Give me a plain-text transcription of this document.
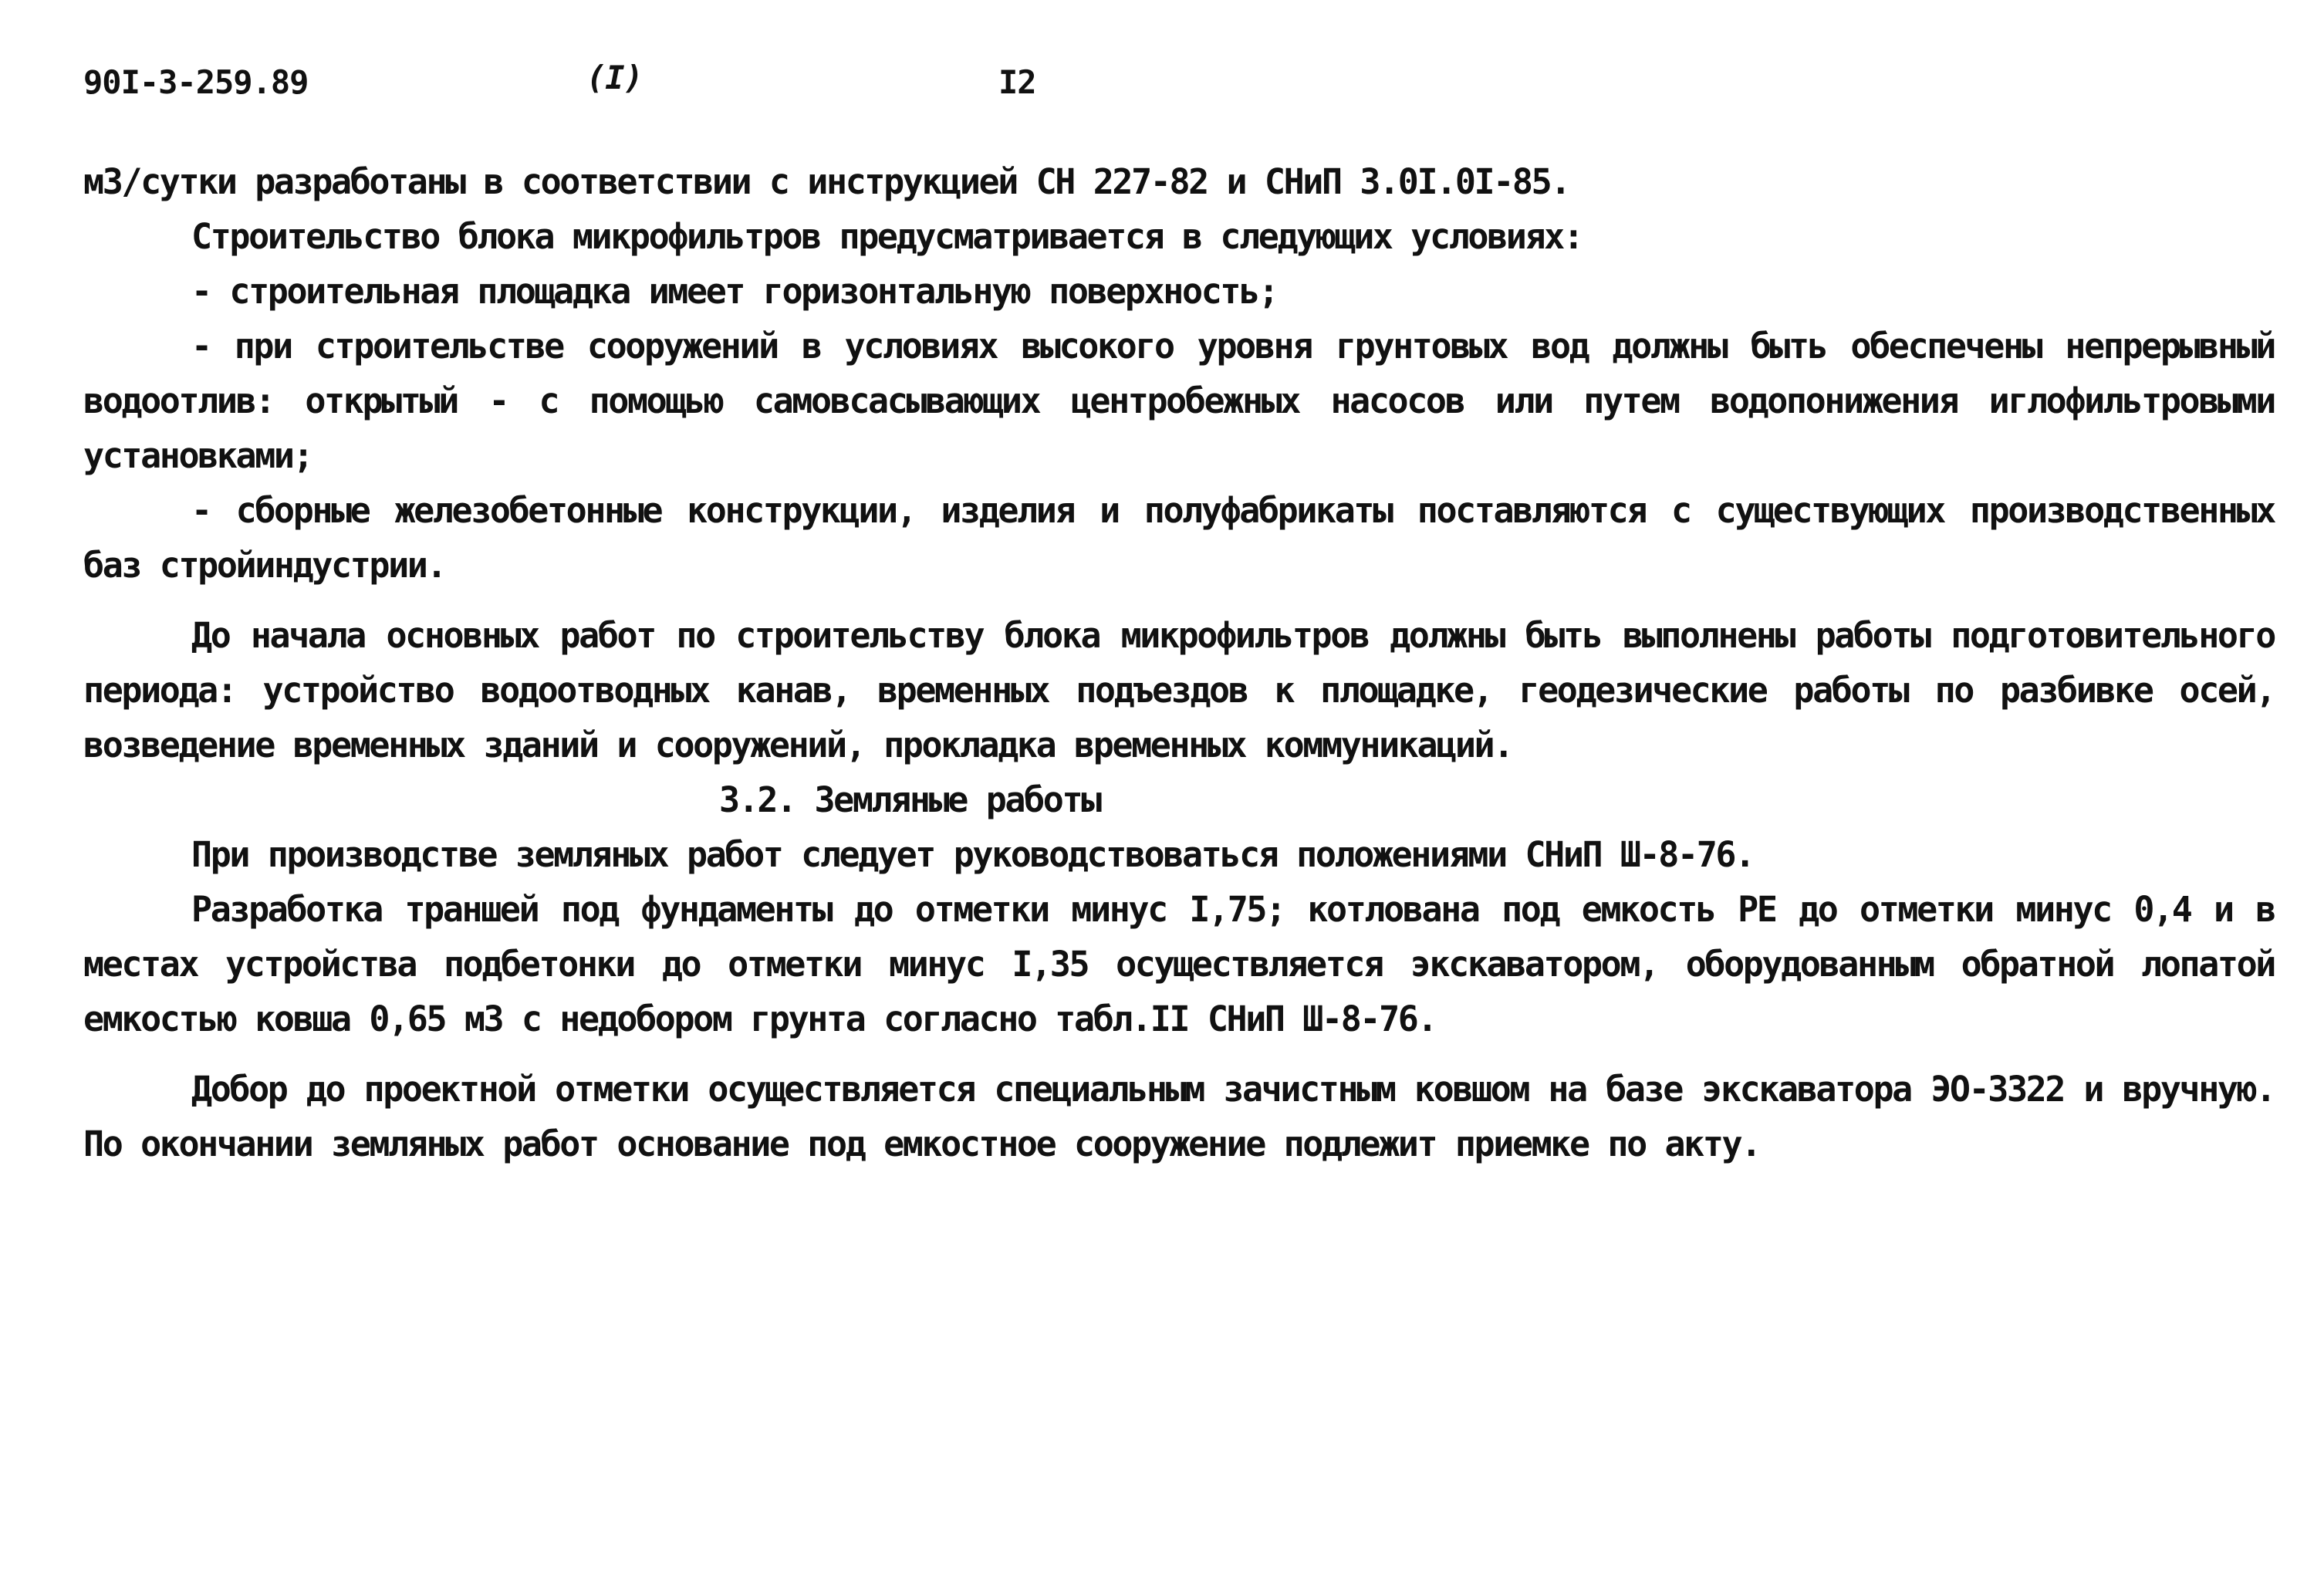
90I-3-259.89	(I)	I2

м3/сутки разработаны в соответствии с инструкцией СН 227-82 и СНиП 3.0I.0I-85.

Строительство блока микрофильтров предусматривается в следующих условиях:

- строительная площадка имеет горизонтальную поверхность;

- при строительстве сооружений в условиях высокого уровня грунтовых вод должны быть обеспечены непрерывный водоотлив: открытый - с помощью самовсасывающих центробежных насосов или путем водопонижения иглофильтровыми установками;

- сборные железобетонные конструкции, изделия и полуфабрикаты поставляются с существующих производственных баз стройиндустрии.

До начала основных работ по строительству блока микрофильтров должны быть выполнены работы подготовительного периода: устройство водоотводных канав, временных подъездов к площадке, геодезические работы по разбивке осей, возведение временных зданий и сооружений, прокладка временных коммуникаций.

3.2. Земляные работы

При производстве земляных работ следует руководствоваться положениями СНиП Ш-8-76.

Разработка траншей под фундаменты до отметки минус I,75; котлована под емкость РЕ до отметки минус 0,4 и в местах устройства подбетонки до отметки минус I,35 осуществляется экскаватором, оборудованным обратной лопатой емкостью ковша 0,65 м3 с недобором грунта согласно табл.II СНиП Ш-8-76.

Добор до проектной отметки осуществляется специальным зачистным ковшом на базе экскаватора ЭО-3322 и вручную. По окончании земляных работ основание под емкостное сооружение подлежит приемке по акту.
